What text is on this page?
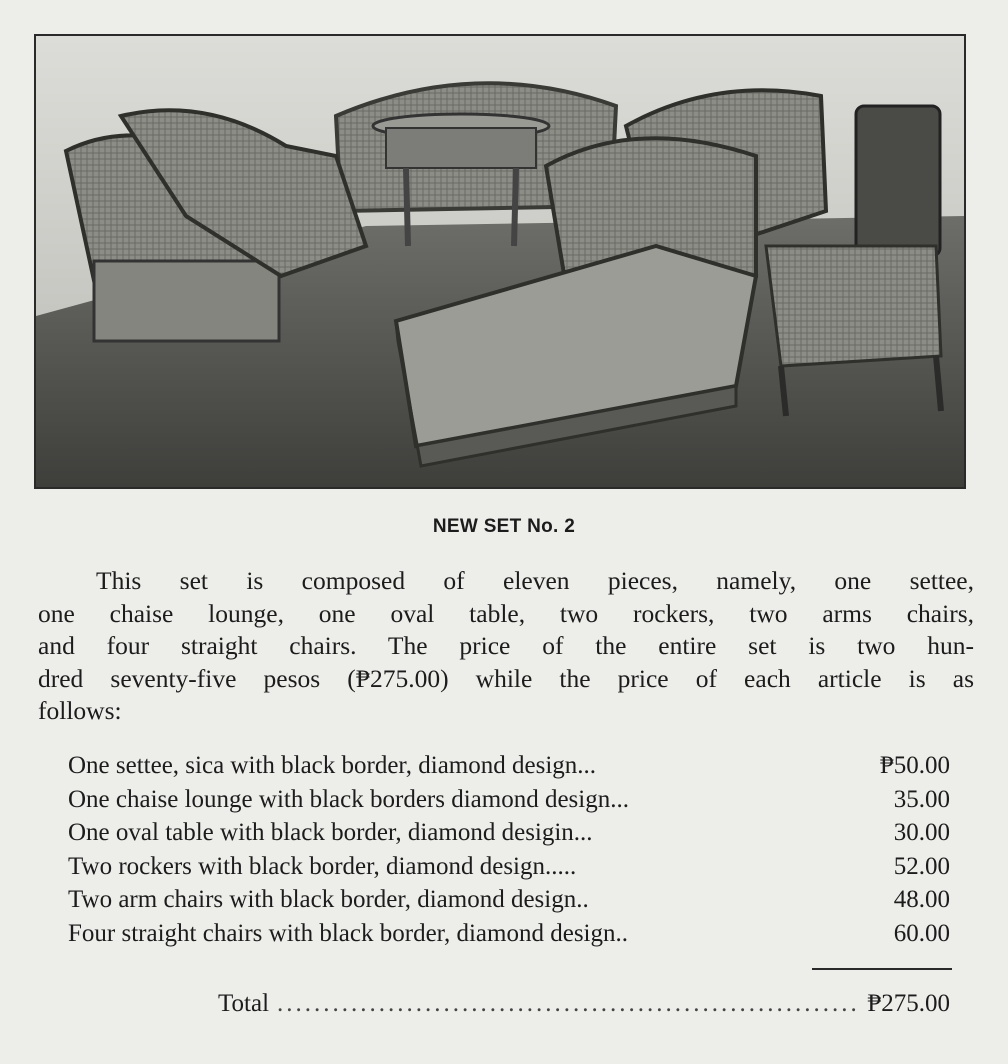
NEW SET No. 2
This set is composed of eleven pieces, namely, one settee,
one chaise lounge, one oval table, two rockers, two arms chairs,
and four straight chairs. The price of the entire set is two hun-
dred seventy-five pesos (₱275.00) while the price of each article is as
follows:
One settee, sica with black border, diamond design...	₱50.00
One chaise lounge with black borders diamond design...	35.00
One oval table with black border, diamond desigin...	30.00
Two rockers with black border, diamond design.....	52.00
Two arm chairs with black border, diamond design..	48.00
Four straight chairs with black border, diamond design..	60.00
Total
.....	₱275.00
